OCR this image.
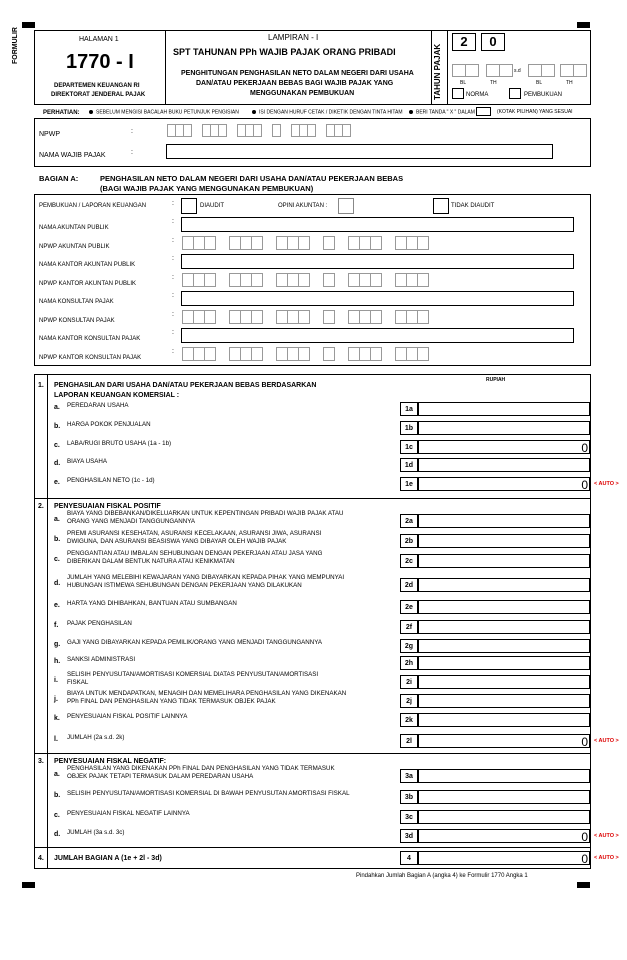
FORMULIR	HALAMAN 1
1770 - I
DEPARTEMEN KEUANGAN RI
DIREKTORAT JENDERAL PAJAK
LAMPIRAN - I
SPT TAHUNAN PPh WAJIB PAJAK ORANG PRIBADI
PENGHITUNGAN PENGHASILAN NETO DALAM NEGERI DARI USAHA
DAN/ATAU PEKERJAAN BEBAS BAGI WAJIB PAJAK YANG
MENGGUNAKAN PEMBUKUAN	TAHUN PAJAK
2	0
s.d
BL	TH	BL	TH
NORMA	PEMBUKUAN
PERHATIAN:	SEBELUM MENGISI BACALAH BUKU PETUNJUK PENGISIAN	ISI DENGAN HURUF CETAK / DIKETIK DENGAN TINTA HITAM	BERI TANDA " X " DALAM	(KOTAK PILIHAN) YANG SESUAI
NPWP	:
NAMA WAJIB PAJAK	:
BAGIAN A:	PENGHASILAN NETO DALAM NEGERI DARI USAHA DAN/ATAU PEKERJAAN BEBAS
(BAGI WAJIB PAJAK YANG MENGGUNAKAN PEMBUKUAN)
PEMBUKUAN / LAPORAN KEUANGAN	:	DIAUDIT	OPINI AKUNTAN :	TIDAK DIAUDIT
NAMA AKUNTAN PUBLIK
:
NPWP AKUNTAN PUBLIK
:
NAMA KANTOR AKUNTAN PUBLIK
:
NPWP KANTOR AKUNTAN PUBLIK
:
NAMA KONSULTAN PAJAK
:
NPWP KONSULTAN PAJAK
:
NAMA KANTOR KONSULTAN PAJAK
:
NPWP KANTOR KONSULTAN PAJAK
:
RUPIAH
1. PENGHASILAN DARI USAHA DAN/ATAU PEKERJAAN BEBAS BERDASARKAN
LAPORAN KEUANGAN KOMERSIAL :
2. PENYESUAIAN FISKAL POSITIF
3. PENYESUAIAN FISKAL NEGATIF:
a. PEREDARAN USAHA	1a
b. HARGA POKOK PENJUALAN	1b
c. LABA/RUGI BRUTO USAHA (1a - 1b)	1c	0
d. BIAYA USAHA	1d
e. PENGHASILAN NETO (1c - 1d)	1e	0 < AUTO >
a.
BIAYA YANG DIBEBANKAN/DIKELUARKAN UNTUK KEPENTINGAN PRIBADI WAJIB PAJAK ATAU
ORANG YANG MENJADI TANGGUNGANNYA	2a
b.
PREMI ASURANSI KESEHATAN, ASURANSI KECELAKAAN, ASURANSI JIWA, ASURANSI
DWIGUNA, DAN ASURANSI BEASISWA YANG DIBAYAR OLEH WAJIB PAJAK	2b
c.
PENGGANTIAN ATAU IMBALAN SEHUBUNGAN DENGAN PEKERJAAN ATAU JASA YANG
DIBERIKAN DALAM BENTUK NATURA ATAU KENIKMATAN	2c
d.
JUMLAH YANG MELEBIHI KEWAJARAN YANG DIBAYARKAN KEPADA PIHAK YANG MEMPUNYAI
HUBUNGAN ISTIMEWA SEHUBUNGAN DENGAN PEKERJAAN YANG DILAKUKAN	2d
e. HARTA YANG DIHIBAHKAN, BANTUAN ATAU SUMBANGAN	2e
f. PAJAK PENGHASILAN	2f
g. GAJI YANG DIBAYARKAN KEPADA PEMILIK/ORANG YANG MENJADI TANGGUNGANNYA	2g
h. SANKSI ADMINISTRASI	2h
i.
SELISIH PENYUSUTAN/AMORTISASI KOMERSIAL DIATAS PENYUSUTAN/AMORTISASI
FISKAL	2i
j.
BIAYA UNTUK MENDAPATKAN, MENAGIH DAN MEMELIHARA PENGHASILAN YANG DIKENAKAN
PPh FINAL DAN PENGHASILAN YANG TIDAK TERMASUK OBJEK PAJAK	2j
k. PENYESUAIAN FISKAL POSITIF LAINNYA	2k
l. JUMLAH (2a s.d. 2k)	2l	0 < AUTO >
a.
PENGHASILAN YANG DIKENAKAN PPh FINAL DAN PENGHASILAN YANG TIDAK TERMASUK
OBJEK PAJAK TETAPI TERMASUK DALAM PEREDARAN USAHA	3a
b. SELISIH PENYUSUTAN/AMORTISASI KOMERSIAL DI BAWAH PENYUSUTAN AMORTISASI FISKAL	3b
c. PENYESUAIAN FISKAL NEGATIF LAINNYA	3c
d. JUMLAH (3a s.d. 3c)	3d	0 < AUTO >
4. JUMLAH BAGIAN A (1e + 2l - 3d)	4	0 < AUTO >
Pindahkan Jumlah Bagian A (angka 4) ke Formulir 1770 Angka 1
